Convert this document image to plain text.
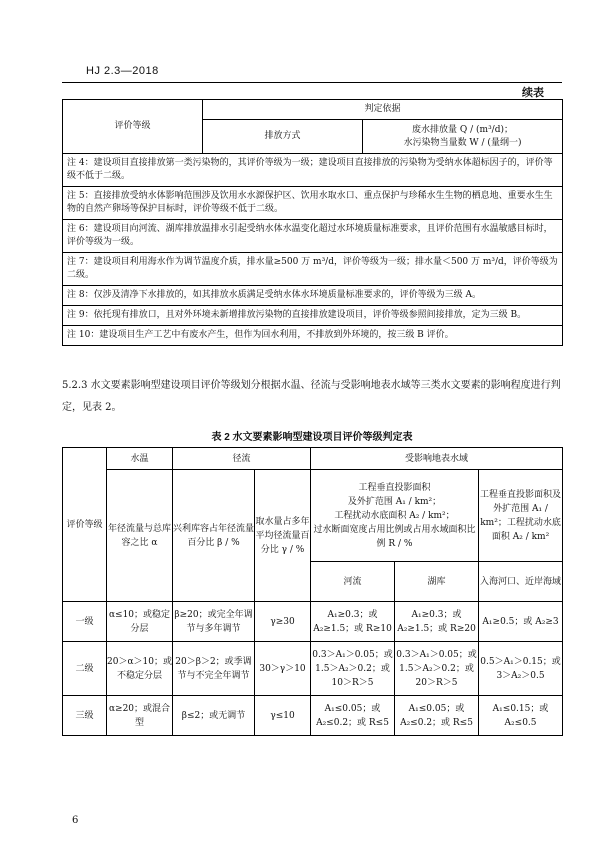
HJ 2.3—2018
续表
评价等级	判定依据	
	排放方式	废水排放量 Q / (m³/d)；
水污染物当量数 W / (量纲一)

注 4：建设项目直接排放第一类污染物的，其评价等级为一级；建设项目直接排放的污染物为受纳水体超标因子的，评价等级不低于二级。		
注 5：直接排放受纳水体影响范围涉及饮用水水源保护区、饮用水取水口、重点保护与珍稀水生生物的栖息地、重要水生生物的自然产卵场等保护目标时，评价等级不低于二级。		
注 6：建设项目向河流、湖库排放温排水引起受纳水体水温变化超过水环境质量标准要求，且评价范围有水温敏感目标时，评价等级为一级。		
注 7：建设项目利用海水作为调节温度介质，排水量≥500 万 m³/d，评价等级为一级；排水量＜500 万 m³/d，评价等级为二级。		
注 8：仅涉及清净下水排放的，如其排放水质满足受纳水体水环境质量标准要求的，评价等级为三级 A。		
注 9：依托现有排放口，且对外环境未新增排放污染物的直接排放建设项目，评价等级参照间接排放，定为三级 B。		
注 10：建设项目生产工艺中有废水产生，但作为回水利用，不排放到外环境的，按三级 B 评价。		
5.2.3 水文要素影响型建设项目评价等级划分根据水温、径流与受影响地表水域等三类水文要素的影响程度进行判定，见表 2。
表 2 水文要素影响型建设项目评价等级判定表
评价等级	水温	径流		受影响地表水域		
	年径流量与总库容之比 α	兴利库容占年径流量百分比 β / %	取水量占多年平均径流量百分比 γ / %	工程垂直投影面积
及外扩范围 A₁ / km²；
工程扰动水底面积 A₂ / km²；
过水断面宽度占用比例或占用水域面积比例 R / %		工程垂直投影面积及外扩范围 A₁ / km²；工程扰动水底面积 A₂ / km²
				河流	湖库	入海河口、近岸海域
一级	α≤10；或稳定分层	β≥20；或完全年调节与多年调节	γ≥30	A₁≥0.3；或 A₂≥1.5；或 R≥10	A₁≥0.3；或 A₂≥1.5；或 R≥20	A₁≥0.5；或 A₂≥3
二级	20＞α＞10；或不稳定分层	20＞β＞2；或季调节与不完全年调节	30＞γ＞10	0.3＞A₁＞0.05；或 1.5＞A₂＞0.2；或 10＞R＞5	0.3＞A₁＞0.05；或 1.5＞A₂＞0.2；或 20＞R＞5	0.5＞A₁＞0.15；或 3＞A₂＞0.5
三级	α≥20；或混合型	β≤2；或无调节	γ≤10	A₁≤0.05；或 A₂≤0.2；或 R≤5	A₁≤0.05；或 A₂≤0.2；或 R≤5	A₁≤0.15；或 A₂≤0.5
6
